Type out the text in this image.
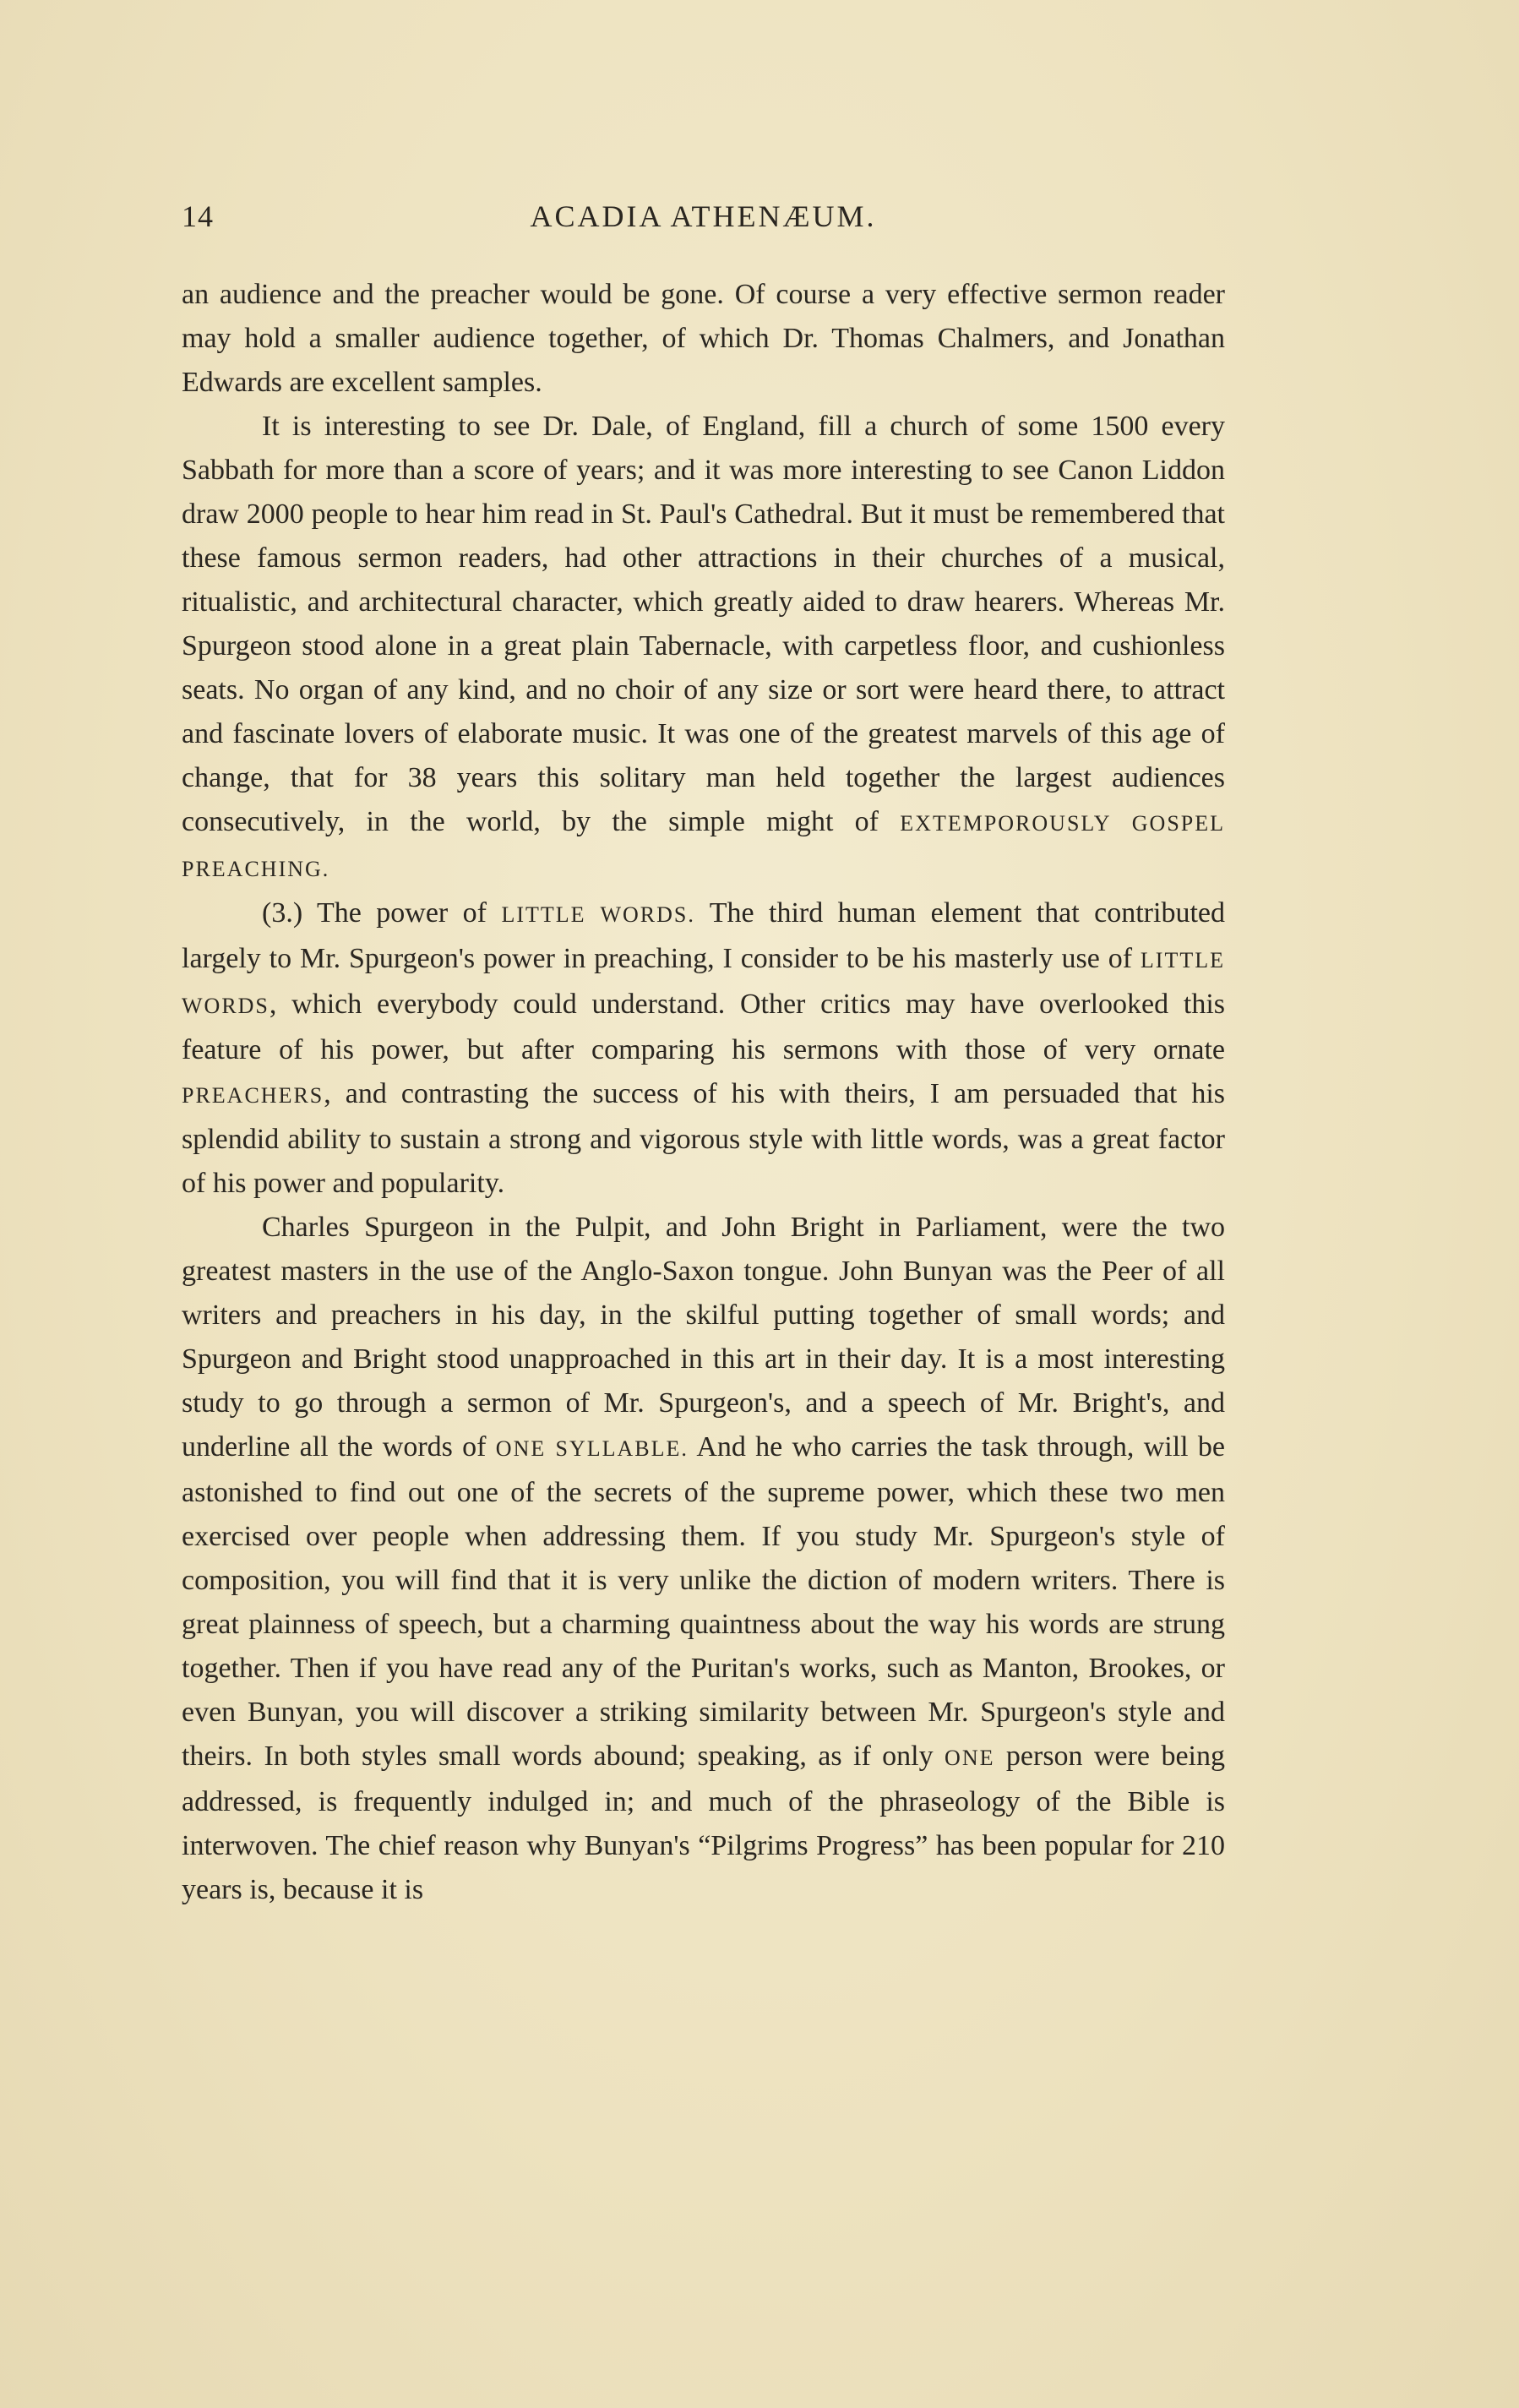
14	ACADIA ATHENÆUM.

an audience and the preacher would be gone. Of course a very effective sermon reader may hold a smaller audience together, of which Dr. Thomas Chalmers, and Jonathan Edwards are excellent samples.

It is interesting to see Dr. Dale, of England, fill a church of some 1500 every Sabbath for more than a score of years; and it was more interesting to see Canon Liddon draw 2000 people to hear him read in St. Paul's Cathedral. But it must be remembered that these famous sermon readers, had other attractions in their churches of a musical, ritualistic, and architectural character, which greatly aided to draw hearers. Whereas Mr. Spurgeon stood alone in a great plain Tabernacle, with carpetless floor, and cushionless seats. No organ of any kind, and no choir of any size or sort were heard there, to attract and fascinate lovers of elaborate music. It was one of the greatest marvels of this age of change, that for 38 years this solitary man held together the largest audiences consecutively, in the world, by the simple might of EXTEMPOROUSLY GOSPEL PREACHING.

(3.) The power of LITTLE WORDS. The third human element that contributed largely to Mr. Spurgeon's power in preaching, I consider to be his masterly use of LITTLE WORDS, which everybody could understand. Other critics may have overlooked this feature of his power, but after comparing his sermons with those of very ornate PREACHERS, and contrasting the success of his with theirs, I am persuaded that his splendid ability to sustain a strong and vigorous style with little words, was a great factor of his power and popularity.

Charles Spurgeon in the Pulpit, and John Bright in Parliament, were the two greatest masters in the use of the Anglo-Saxon tongue. John Bunyan was the Peer of all writers and preachers in his day, in the skilful putting together of small words; and Spurgeon and Bright stood unapproached in this art in their day. It is a most interesting study to go through a sermon of Mr. Spurgeon's, and a speech of Mr. Bright's, and underline all the words of ONE SYLLABLE. And he who carries the task through, will be astonished to find out one of the secrets of the supreme power, which these two men exercised over people when addressing them. If you study Mr. Spurgeon's style of composition, you will find that it is very unlike the diction of modern writers. There is great plainness of speech, but a charming quaintness about the way his words are strung together. Then if you have read any of the Puritan's works, such as Manton, Brookes, or even Bunyan, you will discover a striking similarity between Mr. Spurgeon's style and theirs. In both styles small words abound; speaking, as if only ONE person were being addressed, is frequently indulged in; and much of the phraseology of the Bible is interwoven. The chief reason why Bunyan's “Pilgrims Progress” has been popular for 210 years is, because it is
